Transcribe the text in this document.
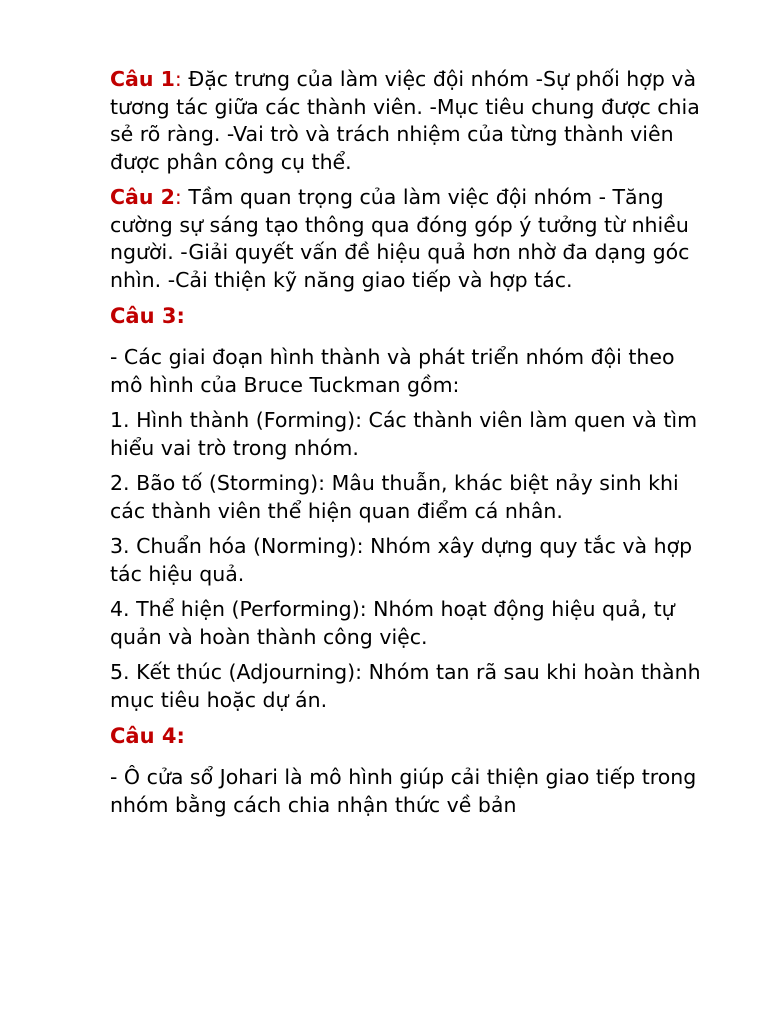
Câu 1: Đặc trưng của làm việc đội nhóm -Sự phối hợp và tương tác giữa các thành viên. -Mục tiêu chung được chia sẻ rõ ràng. -Vai trò và trách nhiệm của từng thành viên được phân công cụ thể.

Câu 2: Tầm quan trọng của làm việc đội nhóm - Tăng cường sự sáng tạo thông qua đóng góp ý tưởng từ nhiều người. -Giải quyết vấn đề hiệu quả hơn nhờ đa dạng góc nhìn. -Cải thiện kỹ năng giao tiếp và hợp tác.

Câu 3:

- Các giai đoạn hình thành và phát triển nhóm đội theo mô hình của Bruce Tuckman gồm:

1. Hình thành (Forming): Các thành viên làm quen và tìm hiểu vai trò trong nhóm.

2. Bão tố (Storming): Mâu thuẫn, khác biệt nảy sinh khi các thành viên thể hiện quan điểm cá nhân.

3. Chuẩn hóa (Norming): Nhóm xây dựng quy tắc và hợp tác hiệu quả.

4. Thể hiện (Performing): Nhóm hoạt động hiệu quả, tự quản và hoàn thành công việc.

5. Kết thúc (Adjourning): Nhóm tan rã sau khi hoàn thành mục tiêu hoặc dự án.

Câu 4:

- Ô cửa sổ Johari là mô hình giúp cải thiện giao tiếp trong nhóm bằng cách chia nhận thức về bản
